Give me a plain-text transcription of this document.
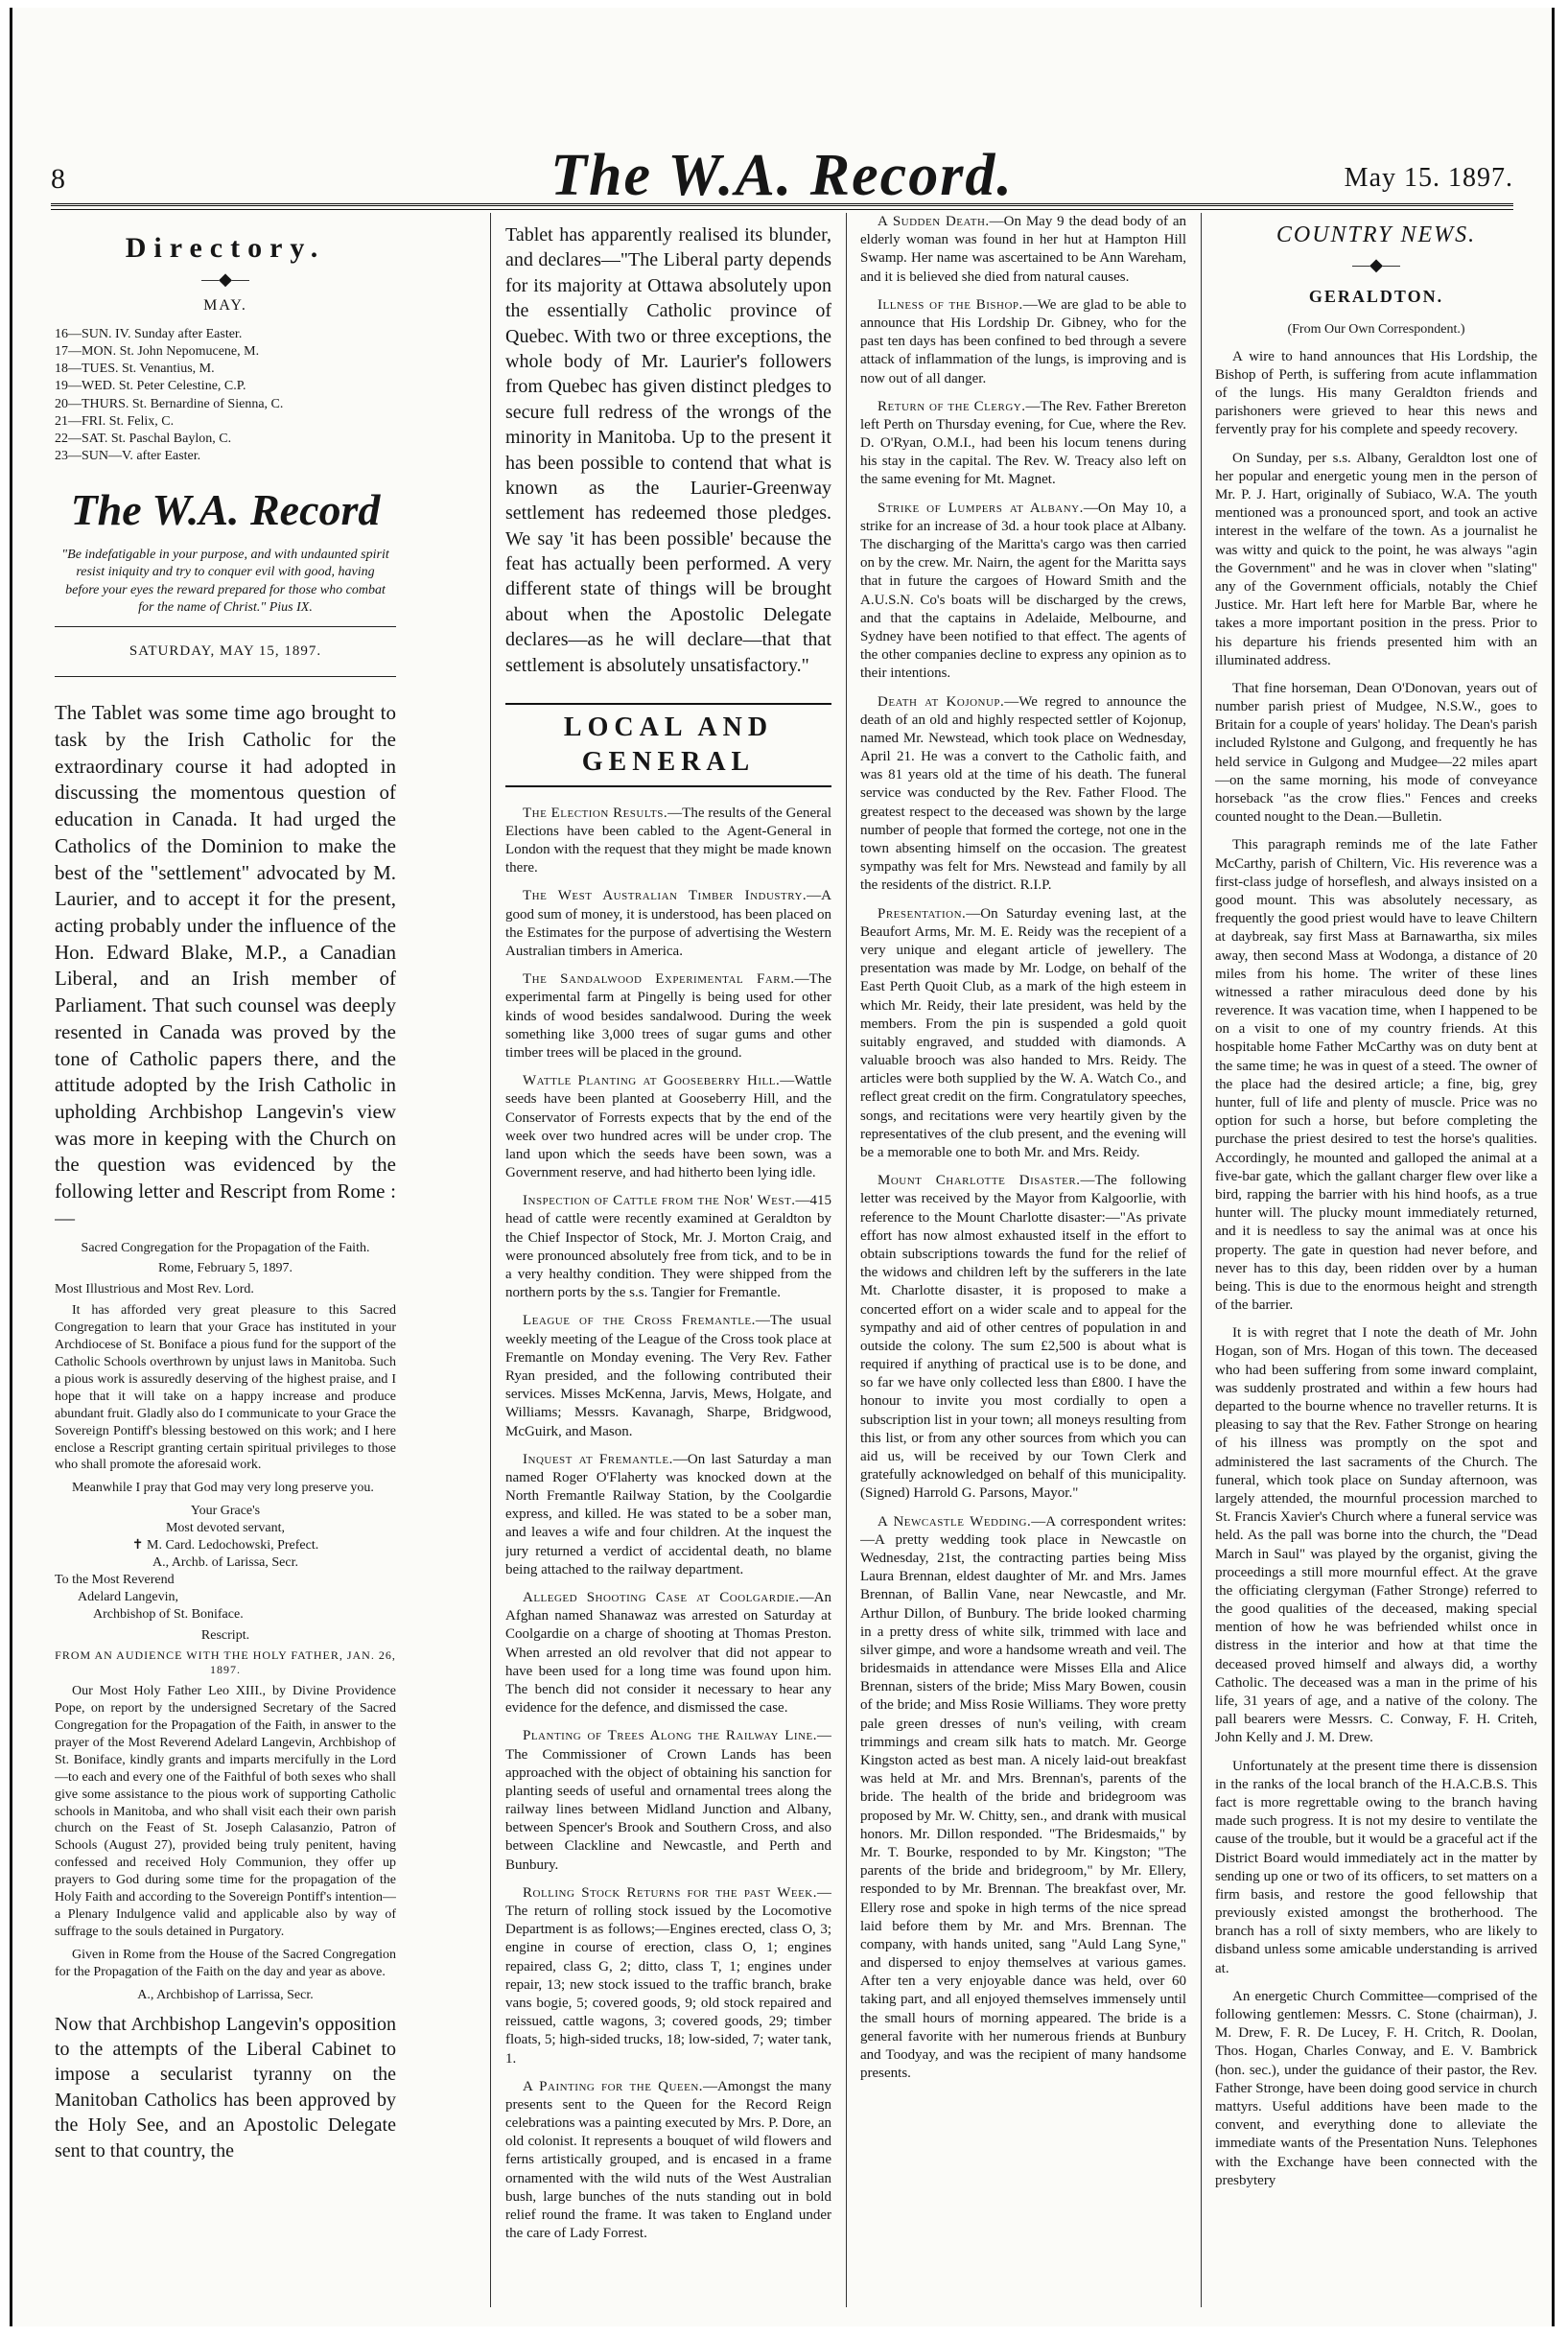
8	The W.A. Record.	May 15. 1897.
Directory.
—◆—
MAY.

16—SUN. IV. Sunday after Easter.

17—MON. St. John Nepomucene, M.

18—TUES. St. Venantius, M.

19—WED. St. Peter Celestine, C.P.

20—THURS. St. Bernardine of Sienna, C.

21—FRI. St. Felix, C.

22—SAT. St. Paschal Baylon, C.

23—SUN—V. after Easter.

The W.A. Record
"Be indefatigable in your purpose, and with undaunted spirit resist iniquity and try to conquer evil with good, having before your eyes the reward prepared for those who combat for the name of Christ." Pius IX.
SATURDAY, MAY 15, 1897.

The Tablet was some time ago brought to task by the Irish Catholic for the extraordinary course it had adopted in discussing the momentous question of education in Canada. It had urged the Catholics of the Dominion to make the best of the "settlement" advocated by M. Laurier, and to accept it for the present, acting probably under the influence of the Hon. Edward Blake, M.P., a Canadian Liberal, and an Irish member of Parliament. That such counsel was deeply resented in Canada was proved by the tone of Catholic papers there, and the attitude adopted by the Irish Catholic in upholding Archbishop Langevin's view was more in keeping with the Church on the question was evidenced by the following letter and Rescript from Rome :—

Sacred Congregation for the Propagation of the Faith.

Rome, February 5, 1897.

Most Illustrious and Most Rev. Lord.

It has afforded very great pleasure to this Sacred Congregation to learn that your Grace has instituted in your Archdiocese of St. Boniface a pious fund for the support of the Catholic Schools overthrown by unjust laws in Manitoba. Such a pious work is assuredly deserving of the highest praise, and I hope that it will take on a happy increase and produce abundant fruit. Gladly also do I communicate to your Grace the Sovereign Pontiff's blessing bestowed on this work; and I here enclose a Rescript granting certain spiritual privileges to those who shall promote the aforesaid work.

Meanwhile I pray that God may very long preserve you.

Your Grace's

Most devoted servant,

✝ M. Card. Ledochowski, Prefect.

A., Archb. of Larissa, Secr.

To the Most Reverend

Adelard Langevin,

Archbishop of St. Boniface.

Rescript.

FROM AN AUDIENCE WITH THE HOLY FATHER, JAN. 26, 1897.

Our Most Holy Father Leo XIII., by Divine Providence Pope, on report by the undersigned Secretary of the Sacred Congregation for the Propagation of the Faith, in answer to the prayer of the Most Reverend Adelard Langevin, Archbishop of St. Boniface, kindly grants and imparts mercifully in the Lord—to each and every one of the Faithful of both sexes who shall give some assistance to the pious work of supporting Catholic schools in Manitoba, and who shall visit each their own parish church on the Feast of St. Joseph Calasanzio, Patron of Schools (August 27), provided being truly penitent, having confessed and received Holy Communion, they offer up prayers to God during some time for the propagation of the Holy Faith and according to the Sovereign Pontiff's intention—a Plenary Indulgence valid and applicable also by way of suffrage to the souls detained in Purgatory.

Given in Rome from the House of the Sacred Congregation for the Propagation of the Faith on the day and year as above.

A., Archbishop of Larrissa, Secr.

Now that Archbishop Langevin's opposition to the attempts of the Liberal Cabinet to impose a secularist tyranny on the Manitoban Catholics has been approved by the Holy See, and an Apostolic Delegate sent to that country, the

Tablet has apparently realised its blunder, and declares—"The Liberal party depends for its majority at Ottawa absolutely upon the essentially Catholic province of Quebec. With two or three exceptions, the whole body of Mr. Laurier's followers from Quebec has given distinct pledges to secure full redress of the wrongs of the minority in Manitoba. Up to the present it has been possible to contend that what is known as the Laurier-Greenway settlement has redeemed those pledges. We say 'it has been possible' because the feat has actually been performed. A very different state of things will be brought about when the Apostolic Delegate declares—as he will declare—that that settlement is absolutely unsatisfactory."

LOCAL AND GENERAL

The Election Results.—The results of the General Elections have been cabled to the Agent-General in London with the request that they might be made known there.

The West Australian Timber Industry.—A good sum of money, it is understood, has been placed on the Estimates for the purpose of advertising the Western Australian timbers in America.

The Sandalwood Experimental Farm.—The experimental farm at Pingelly is being used for other kinds of wood besides sandalwood. During the week something like 3,000 trees of sugar gums and other timber trees will be placed in the ground.

Wattle Planting at Gooseberry Hill.—Wattle seeds have been planted at Gooseberry Hill, and the Conservator of Forrests expects that by the end of the week over two hundred acres will be under crop. The land upon which the seeds have been sown, was a Government reserve, and had hitherto been lying idle.

Inspection of Cattle from the Nor' West.—415 head of cattle were recently examined at Geraldton by the Chief Inspector of Stock, Mr. J. Morton Craig, and were pronounced absolutely free from tick, and to be in a very healthy condition. They were shipped from the northern ports by the s.s. Tangier for Fremantle.

League of the Cross Fremantle.—The usual weekly meeting of the League of the Cross took place at Fremantle on Monday evening. The Very Rev. Father Ryan presided, and the following contributed their services. Misses McKenna, Jarvis, Mews, Holgate, and Williams; Messrs. Kavanagh, Sharpe, Bridgwood, McGuirk, and Mason.

Inquest at Fremantle.—On last Saturday a man named Roger O'Flaherty was knocked down at the North Fremantle Railway Station, by the Coolgardie express, and killed. He was stated to be a sober man, and leaves a wife and four children. At the inquest the jury returned a verdict of accidental death, no blame being attached to the railway department.

Alleged Shooting Case at Coolgardie.—An Afghan named Shanawaz was arrested on Saturday at Coolgardie on a charge of shooting at Thomas Preston. When arrested an old revolver that did not appear to have been used for a long time was found upon him. The bench did not consider it necessary to hear any evidence for the defence, and dismissed the case.

Planting of Trees Along the Railway Line.—The Commissioner of Crown Lands has been approached with the object of obtaining his sanction for planting seeds of useful and ornamental trees along the railway lines between Midland Junction and Albany, between Spencer's Brook and Southern Cross, and also between Clackline and Newcastle, and Perth and Bunbury.

Rolling Stock Returns for the past Week.—The return of rolling stock issued by the Locomotive Department is as follows;—Engines erected, class O, 3; engine in course of erection, class O, 1; engines repaired, class G, 2; ditto, class T, 1; engines under repair, 13; new stock issued to the traffic branch, brake vans bogie, 5; covered goods, 9; old stock repaired and reissued, cattle wagons, 3; covered goods, 29; timber floats, 5; high-sided trucks, 18; low-sided, 7; water tank, 1.

A Painting for the Queen.—Amongst the many presents sent to the Queen for the Record Reign celebrations was a painting executed by Mrs. P. Dore, an old colonist. It represents a bouquet of wild flowers and ferns artistically grouped, and is encased in a frame ornamented with the wild nuts of the West Australian bush, large bunches of the nuts standing out in bold relief round the frame. It was taken to England under the care of Lady Forrest.

A Sudden Death.—On May 9 the dead body of an elderly woman was found in her hut at Hampton Hill Swamp. Her name was ascertained to be Ann Wareham, and it is believed she died from natural causes.

Illness of the Bishop.—We are glad to be able to announce that His Lordship Dr. Gibney, who for the past ten days has been confined to bed through a severe attack of inflammation of the lungs, is improving and is now out of all danger.

Return of the Clergy.—The Rev. Father Brereton left Perth on Thursday evening, for Cue, where the Rev. D. O'Ryan, O.M.I., had been his locum tenens during his stay in the capital. The Rev. W. Treacy also left on the same evening for Mt. Magnet.

Strike of Lumpers at Albany.—On May 10, a strike for an increase of 3d. a hour took place at Albany. The discharging of the Maritta's cargo was then carried on by the crew. Mr. Nairn, the agent for the Maritta says that in future the cargoes of Howard Smith and the A.U.S.N. Co's boats will be discharged by the crews, and that the captains in Adelaide, Melbourne, and Sydney have been notified to that effect. The agents of the other companies decline to express any opinion as to their intentions.

Death at Kojonup.—We regred to announce the death of an old and highly respected settler of Kojonup, named Mr. Newstead, which took place on Wednesday, April 21. He was a convert to the Catholic faith, and was 81 years old at the time of his death. The funeral service was conducted by the Rev. Father Flood. The greatest respect to the deceased was shown by the large number of people that formed the cortege, not one in the town absenting himself on the occasion. The greatest sympathy was felt for Mrs. Newstead and family by all the residents of the district. R.I.P.

Presentation.—On Saturday evening last, at the Beaufort Arms, Mr. M. E. Reidy was the recepient of a very unique and elegant article of jewellery. The presentation was made by Mr. Lodge, on behalf of the East Perth Quoit Club, as a mark of the high esteem in which Mr. Reidy, their late president, was held by the members. From the pin is suspended a gold quoit suitably engraved, and studded with diamonds. A valuable brooch was also handed to Mrs. Reidy. The articles were both supplied by the W. A. Watch Co., and reflect great credit on the firm. Congratulatory speeches, songs, and recitations were very heartily given by the representatives of the club present, and the evening will be a memorable one to both Mr. and Mrs. Reidy.

Mount Charlotte Disaster.—The following letter was received by the Mayor from Kalgoorlie, with reference to the Mount Charlotte disaster:—"As private effort has now almost exhausted itself in the effort to obtain subscriptions towards the fund for the relief of the widows and children left by the sufferers in the late Mt. Charlotte disaster, it is proposed to make a concerted effort on a wider scale and to appeal for the sympathy and aid of other centres of population in and outside the colony. The sum £2,500 is about what is required if anything of practical use is to be done, and so far we have only collected less than £800. I have the honour to invite you most cordially to open a subscription list in your town; all moneys resulting from this list, or from any other sources from which you can aid us, will be received by our Town Clerk and gratefully acknowledged on behalf of this municipality. (Signed) Harrold G. Parsons, Mayor."

A Newcastle Wedding.—A correspondent writes:—A pretty wedding took place in Newcastle on Wednesday, 21st, the contracting parties being Miss Laura Brennan, eldest daughter of Mr. and Mrs. James Brennan, of Ballin Vane, near Newcastle, and Mr. Arthur Dillon, of Bunbury. The bride looked charming in a pretty dress of white silk, trimmed with lace and silver gimpe, and wore a handsome wreath and veil. The bridesmaids in attendance were Misses Ella and Alice Brennan, sisters of the bride; Miss Mary Bowen, cousin of the bride; and Miss Rosie Williams. They wore pretty pale green dresses of nun's veiling, with cream trimmings and cream silk hats to match. Mr. George Kingston acted as best man. A nicely laid-out breakfast was held at Mr. and Mrs. Brennan's, parents of the bride. The health of the bride and bridegroom was proposed by Mr. W. Chitty, sen., and drank with musical honors. Mr. Dillon responded. "The Bridesmaids," by Mr. T. Bourke, responded to by Mr. Kingston; "The parents of the bride and bridegroom," by Mr. Ellery, responded to by Mr. Brennan. The breakfast over, Mr. Ellery rose and spoke in high terms of the nice spread laid before them by Mr. and Mrs. Brennan. The company, with hands united, sang "Auld Lang Syne," and dispersed to enjoy themselves at various games. After ten a very enjoyable dance was held, over 60 taking part, and all enjoyed themselves immensely until the small hours of morning appeared. The bride is a general favorite with her numerous friends at Bunbury and Toodyay, and was the recipient of many handsome presents.

COUNTRY NEWS.
—◆—
GERALDTON.
(From Our Own Correspondent.)

A wire to hand announces that His Lordship, the Bishop of Perth, is suffering from acute inflammation of the lungs. His many Geraldton friends and parishoners were grieved to hear this news and fervently pray for his complete and speedy recovery.

On Sunday, per s.s. Albany, Geraldton lost one of her popular and energetic young men in the person of Mr. P. J. Hart, originally of Subiaco, W.A. The youth mentioned was a pronounced sport, and took an active interest in the welfare of the town. As a journalist he was witty and quick to the point, he was always "agin the Government" and he was in clover when "slating" any of the Government officials, notably the Chief Justice. Mr. Hart left here for Marble Bar, where he takes a more important position in the press. Prior to his departure his friends presented him with an illuminated address.

That fine horseman, Dean O'Donovan, years out of number parish priest of Mudgee, N.S.W., goes to Britain for a couple of years' holiday. The Dean's parish included Rylstone and Gulgong, and frequently he has held service in Gulgong and Mudgee—22 miles apart—on the same morning, his mode of conveyance horseback "as the crow flies." Fences and creeks counted nought to the Dean.—Bulletin.

This paragraph reminds me of the late Father McCarthy, parish of Chiltern, Vic. His reverence was a first-class judge of horseflesh, and always insisted on a good mount. This was absolutely necessary, as frequently the good priest would have to leave Chiltern at daybreak, say first Mass at Barnawartha, six miles away, then second Mass at Wodonga, a distance of 20 miles from his home. The writer of these lines witnessed a rather miraculous deed done by his reverence. It was vacation time, when I happened to be on a visit to one of my country friends. At this hospitable home Father McCarthy was on duty bent at the same time; he was in quest of a steed. The owner of the place had the desired article; a fine, big, grey hunter, full of life and plenty of muscle. Price was no option for such a horse, but before completing the purchase the priest desired to test the horse's qualities. Accordingly, he mounted and galloped the animal at a five-bar gate, which the gallant charger flew over like a bird, rapping the barrier with his hind hoofs, as a true hunter will. The plucky mount immediately returned, and it is needless to say the animal was at once his property. The gate in question had never before, and never has to this day, been ridden over by a human being. This is due to the enormous height and strength of the barrier.

It is with regret that I note the death of Mr. John Hogan, son of Mrs. Hogan of this town. The deceased who had been suffering from some inward complaint, was suddenly prostrated and within a few hours had departed to the bourne whence no traveller returns. It is pleasing to say that the Rev. Father Stronge on hearing of his illness was promptly on the spot and administered the last sacraments of the Church. The funeral, which took place on Sunday afternoon, was largely attended, the mournful procession marched to St. Francis Xavier's Church where a funeral service was held. As the pall was borne into the church, the "Dead March in Saul" was played by the organist, giving the proceedings a still more mournful effect. At the grave the officiating clergyman (Father Stronge) referred to the good qualities of the deceased, making special mention of how he was befriended whilst once in distress in the interior and how at that time the deceased proved himself and always did, a worthy Catholic. The deceased was a man in the prime of his life, 31 years of age, and a native of the colony. The pall bearers were Messrs. C. Conway, F. H. Criteh, John Kelly and J. M. Drew.

Unfortunately at the present time there is dissension in the ranks of the local branch of the H.A.C.B.S. This fact is more regrettable owing to the branch having made such progress. It is not my desire to ventilate the cause of the trouble, but it would be a graceful act if the District Board would immediately act in the matter by sending up one or two of its officers, to set matters on a firm basis, and restore the good fellowship that previously existed amongst the brotherhood. The branch has a roll of sixty members, who are likely to disband unless some amicable understanding is arrived at.

An energetic Church Committee—comprised of the following gentlemen: Messrs. C. Stone (chairman), J. M. Drew, F. R. De Lucey, F. H. Critch, R. Doolan, Thos. Hogan, Charles Conway, and E. V. Bambrick (hon. sec.), under the guidance of their pastor, the Rev. Father Stronge, have been doing good service in church mattyrs. Useful additions have been made to the convent, and everything done to alleviate the immediate wants of the Presentation Nuns. Telephones with the Exchange have been connected with the presbytery
